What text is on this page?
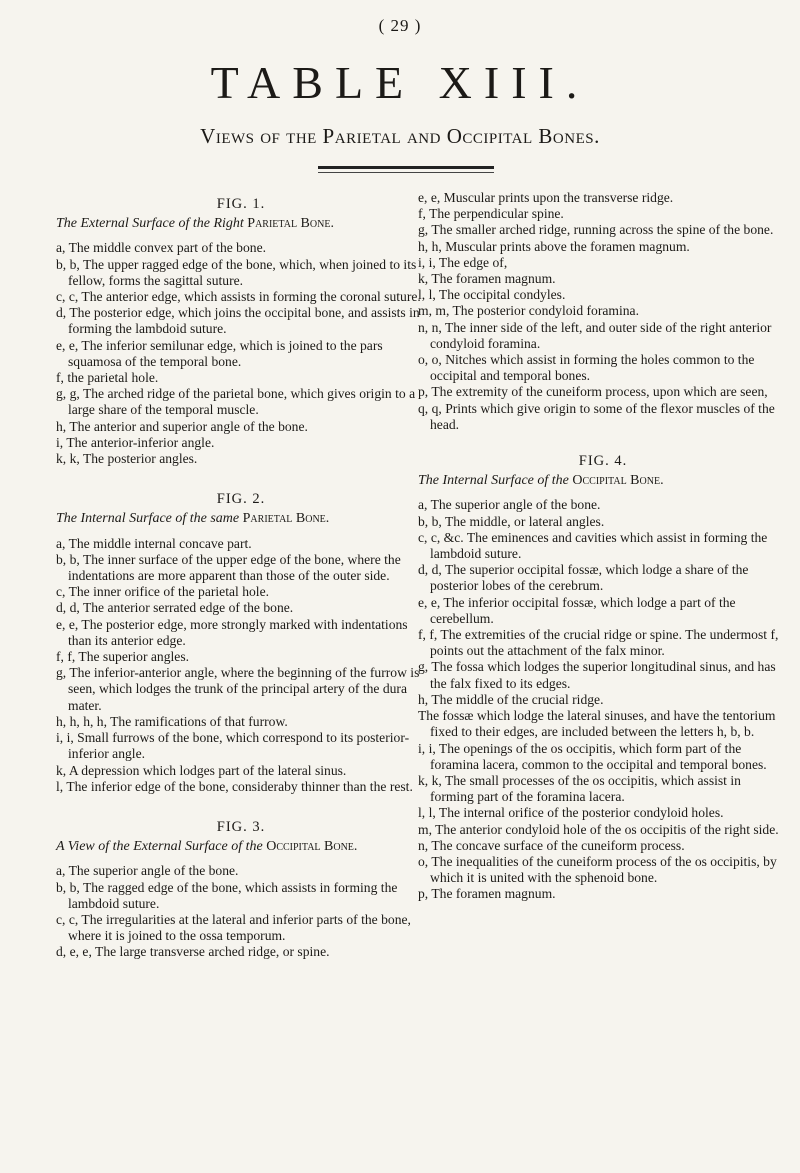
( 29 )
TABLE XIII.
Views of the Parietal and Occipital Bones.
FIG. 1.
The External Surface of the Right Parietal Bone.

a, The middle convex part of the bone.

b, b, The upper ragged edge of the bone, which, when joined to its fellow, forms the sagittal suture.

c, c, The anterior edge, which assists in forming the coronal suture.

d, The posterior edge, which joins the occipital bone, and assists in forming the lambdoid suture.

e, e, The inferior semilunar edge, which is joined to the pars squamosa of the temporal bone.

f, the parietal hole.

g, g, The arched ridge of the parietal bone, which gives origin to a large share of the temporal muscle.

h, The anterior and superior angle of the bone.

i, The anterior-inferior angle.

k, k, The posterior angles.

FIG. 2.
The Internal Surface of the same Parietal Bone.

a, The middle internal concave part.

b, b, The inner surface of the upper edge of the bone, where the indentations are more apparent than those of the outer side.

c, The inner orifice of the parietal hole.

d, d, The anterior serrated edge of the bone.

e, e, The posterior edge, more strongly marked with indentations than its anterior edge.

f, f, The superior angles.

g, The inferior-anterior angle, where the beginning of the furrow is seen, which lodges the trunk of the principal artery of the dura mater.

h, h, h, h, The ramifications of that furrow.

i, i, Small furrows of the bone, which correspond to its posterior-inferior angle.

k, A depression which lodges part of the lateral sinus.

l, The inferior edge of the bone, consideraby thinner than the rest.

FIG. 3.
A View of the External Surface of the Occipital Bone.

a, The superior angle of the bone.

b, b, The ragged edge of the bone, which assists in forming the lambdoid suture.

c, c, The irregularities at the lateral and inferior parts of the bone, where it is joined to the ossa temporum.

d, e, e, The large transverse arched ridge, or spine.

e, e, Muscular prints upon the transverse ridge.

f, The perpendicular spine.

g, The smaller arched ridge, running across the spine of the bone.

h, h, Muscular prints above the foramen magnum.

i, i, The edge of,

k, The foramen magnum.

l, l, The occipital condyles.

m, m, The posterior condyloid foramina.

n, n, The inner side of the left, and outer side of the right anterior condyloid foramina.

o, o, Nitches which assist in forming the holes common to the occipital and temporal bones.

p, The extremity of the cuneiform process, upon which are seen,

q, q, Prints which give origin to some of the flexor muscles of the head.

FIG. 4.
The Internal Surface of the Occipital Bone.

a, The superior angle of the bone.

b, b, The middle, or lateral angles.

c, c, &c. The eminences and cavities which assist in forming the lambdoid suture.

d, d, The superior occipital fossæ, which lodge a share of the posterior lobes of the cerebrum.

e, e, The inferior occipital fossæ, which lodge a part of the cerebellum.

f, f, The extremities of the crucial ridge or spine. The undermost f, points out the attachment of the falx minor.

g, The fossa which lodges the superior longitudinal sinus, and has the falx fixed to its edges.

h, The middle of the crucial ridge.

The fossæ which lodge the lateral sinuses, and have the tentorium fixed to their edges, are included between the letters h, b, b.

i, i, The openings of the os occipitis, which form part of the foramina lacera, common to the occipital and temporal bones.

k, k, The small processes of the os occipitis, which assist in forming part of the foramina lacera.

l, l, The internal orifice of the posterior condyloid holes.

m, The anterior condyloid hole of the os occipitis of the right side.

n, The concave surface of the cuneiform process.

o, The inequalities of the cuneiform process of the os occipitis, by which it is united with the sphenoid bone.

p, The foramen magnum.
